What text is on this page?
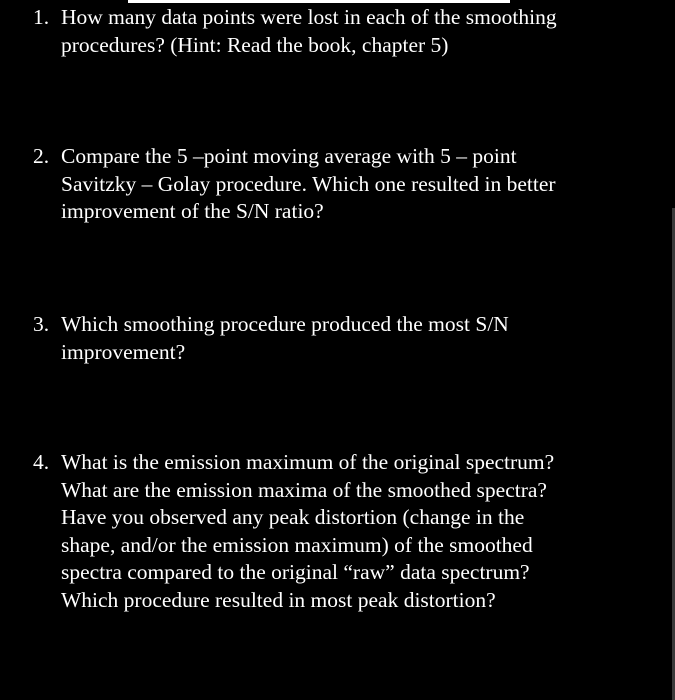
1. How many data points were lost in each of the smoothing
procedures? (Hint: Read the book, chapter 5)
2. Compare the 5 –point moving average with 5 – point
Savitzky – Golay procedure. Which one resulted in better
improvement of the S/N ratio?
3. Which smoothing procedure produced the most S/N
improvement?
4. What is the emission maximum of the original spectrum?
What are the emission maxima of the smoothed spectra?
Have you observed any peak distortion (change in the
shape, and/or the emission maximum) of the smoothed
spectra compared to the original “raw” data spectrum?
Which procedure resulted in most peak distortion?
